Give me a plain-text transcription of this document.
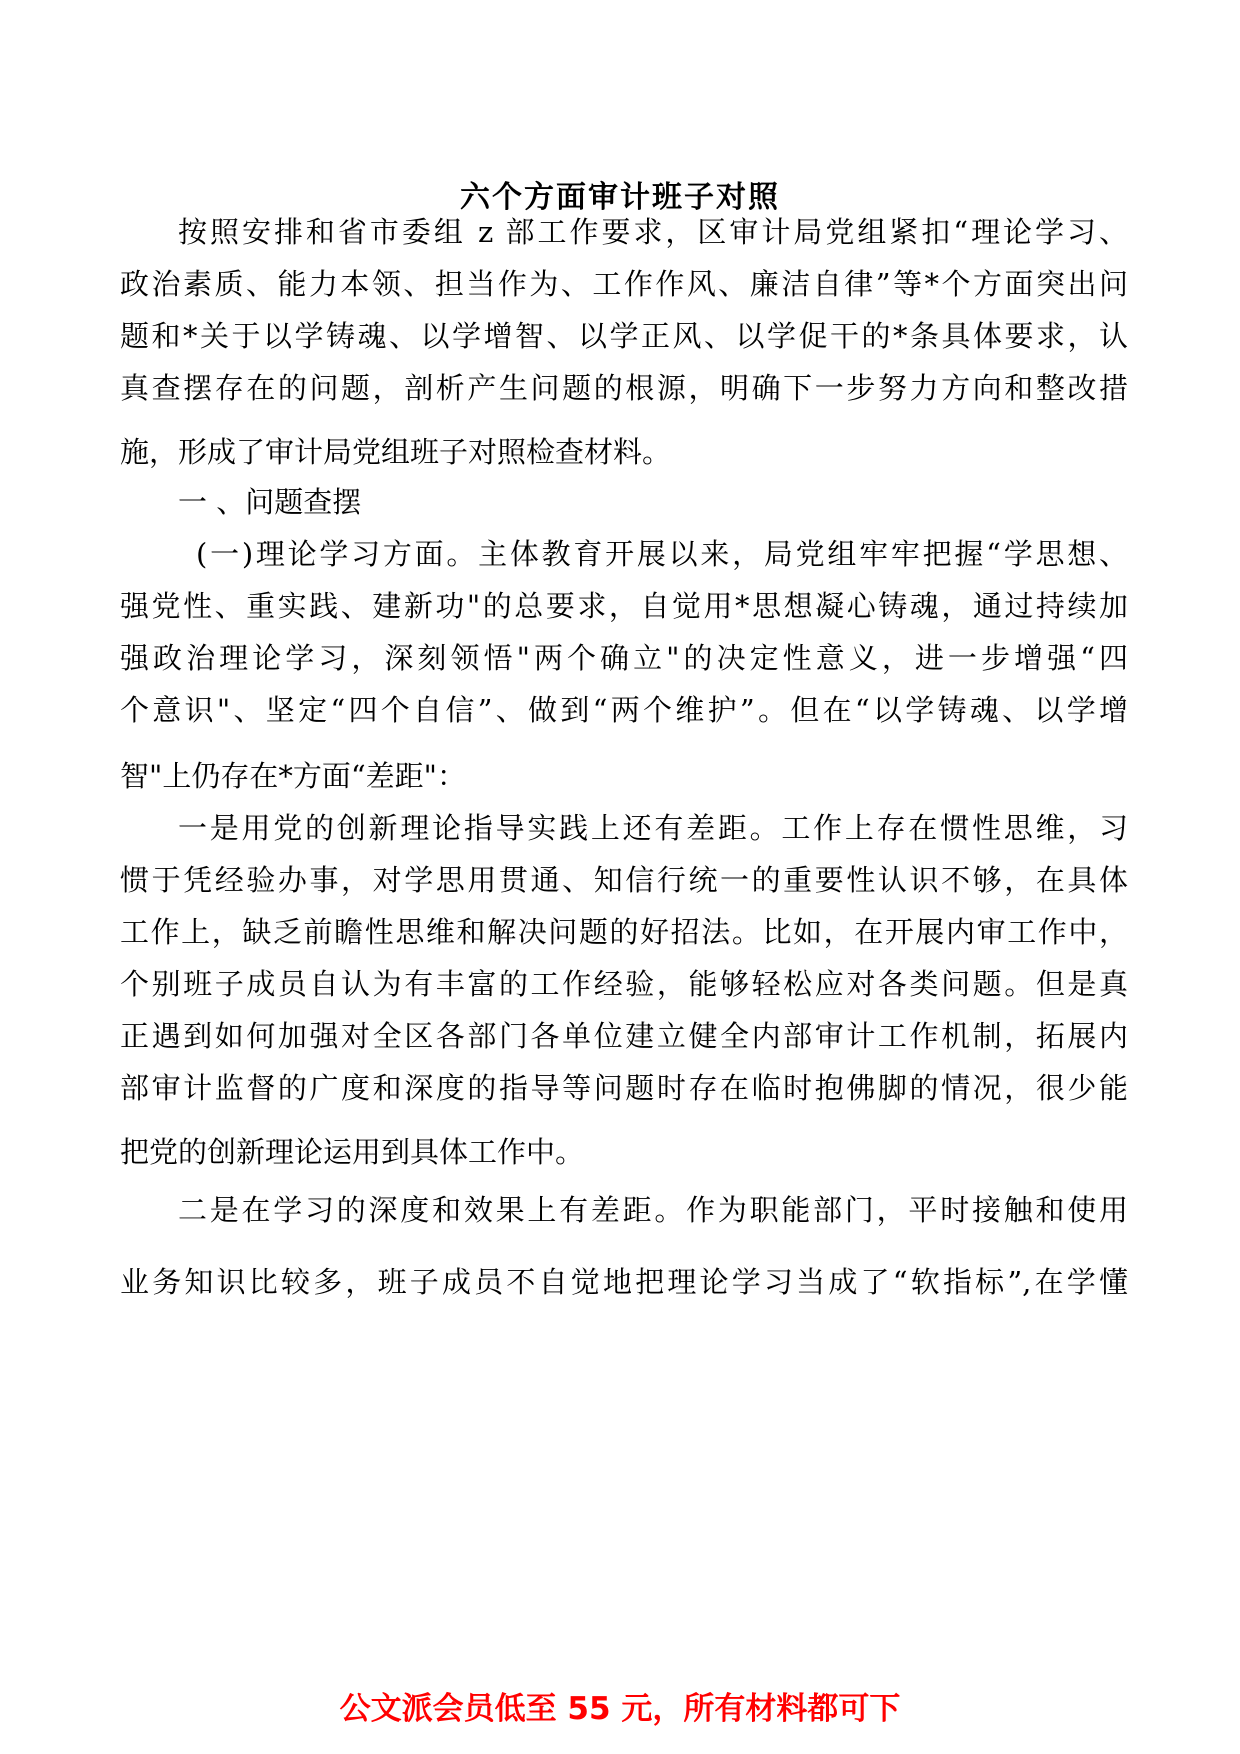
六个方面审计班子对照
按照安排和省市委组 z 部工作要求，区审计局党组紧扣“理论学习、
政治素质、能力本领、担当作为、工作作风、廉洁自律”等*个方面突出问
题和*关于以学铸魂、以学增智、以学正风、以学促干的*条具体要求，认
真查摆存在的问题，剖析产生问题的根源，明确下一步努力方向和整改措
施，形成了审计局党组班子对照检查材料。
一 、问题查摆
(一)理论学习方面。主体教育开展以来，局党组牢牢把握“学思想、
强党性、重实践、建新功"的总要求，自觉用*思想凝心铸魂，通过持续加
强政治理论学习，深刻领悟"两个确立"的决定性意义，进一步增强“四
个意识"、坚定“四个自信”、做到“两个维护”。但在“以学铸魂、以学增
智"上仍存在*方面“差距"：
一是用党的创新理论指导实践上还有差距。工作上存在惯性思维，习
惯于凭经验办事，对学思用贯通、知信行统一的重要性认识不够，在具体
工作上，缺乏前瞻性思维和解决问题的好招法。比如，在开展内审工作中，
个别班子成员自认为有丰富的工作经验，能够轻松应对各类问题。但是真
正遇到如何加强对全区各部门各单位建立健全内部审计工作机制，拓展内
部审计监督的广度和深度的指导等问题时存在临时抱佛脚的情况，很少能
把党的创新理论运用到具体工作中。
二是在学习的深度和效果上有差距。作为职能部门，平时接触和使用
业务知识比较多，班子成员不自觉地把理论学习当成了“软指标”,在学懂
公文派会员低至 55 元，所有材料都可下
